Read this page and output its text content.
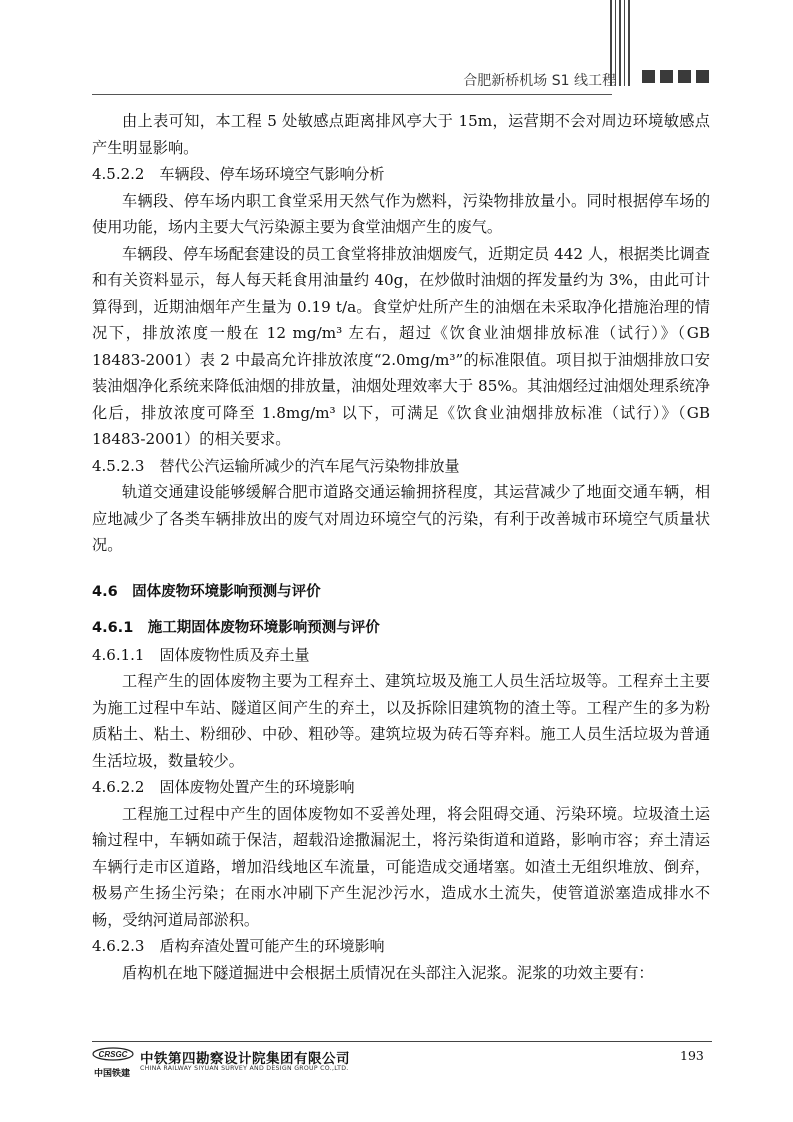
合肥新桥机场 S1 线工程

由上表可知，本工程 5 处敏感点距离排风亭大于 15m，运营期不会对周边环境敏感点产生明显影响。

4.5.2.2　车辆段、停车场环境空气影响分析

车辆段、停车场内职工食堂采用天然气作为燃料，污染物排放量小。同时根据停车场的使用功能，场内主要大气污染源主要为食堂油烟产生的废气。

车辆段、停车场配套建设的员工食堂将排放油烟废气，近期定员 442 人，根据类比调查和有关资料显示，每人每天耗食用油量约 40g，在炒做时油烟的挥发量约为 3%，由此可计算得到，近期油烟年产生量为 0.19 t/a。食堂炉灶所产生的油烟在未采取净化措施治理的情况下，排放浓度一般在 12 mg/m³ 左右，超过《饮食业油烟排放标准（试行）》（GB 18483-2001）表 2 中最高允许排放浓度“2.0mg/m³”的标准限值。项目拟于油烟排放口安装油烟净化系统来降低油烟的排放量，油烟处理效率大于 85%。其油烟经过油烟处理系统净化后，排放浓度可降至 1.8mg/m³ 以下，可满足《饮食业油烟排放标准（试行）》（GB 18483-2001）的相关要求。

4.5.2.3　替代公汽运输所减少的汽车尾气污染物排放量

轨道交通建设能够缓解合肥市道路交通运输拥挤程度，其运营减少了地面交通车辆，相应地减少了各类车辆排放出的废气对周边环境空气的污染，有利于改善城市环境空气质量状况。

4.6　固体废物环境影响预测与评价

4.6.1　施工期固体废物环境影响预测与评价

4.6.1.1　固体废物性质及弃土量

工程产生的固体废物主要为工程弃土、建筑垃圾及施工人员生活垃圾等。工程弃土主要为施工过程中车站、隧道区间产生的弃土，以及拆除旧建筑物的渣土等。工程产生的多为粉质粘土、粘土、粉细砂、中砂、粗砂等。建筑垃圾为砖石等弃料。施工人员生活垃圾为普通生活垃圾，数量较少。

4.6.2.2　固体废物处置产生的环境影响

工程施工过程中产生的固体废物如不妥善处理，将会阻碍交通、污染环境。垃圾渣土运输过程中，车辆如疏于保洁，超载沿途撒漏泥土，将污染街道和道路，影响市容；弃土清运车辆行走市区道路，增加沿线地区车流量，可能造成交通堵塞。如渣土无组织堆放、倒弃，极易产生扬尘污染；在雨水冲刷下产生泥沙污水，造成水土流失，使管道淤塞造成排水不畅，受纳河道局部淤积。

4.6.2.3　盾构弃渣处置可能产生的环境影响

盾构机在地下隧道掘进中会根据土质情况在头部注入泥浆。泥浆的功效主要有：

CRSGC
中国铁建
中铁第四勘察设计院集团有限公司
CHINA RAILWAY SIYUAN SURVEY AND DESIGN GROUP CO.,LTD.
193
